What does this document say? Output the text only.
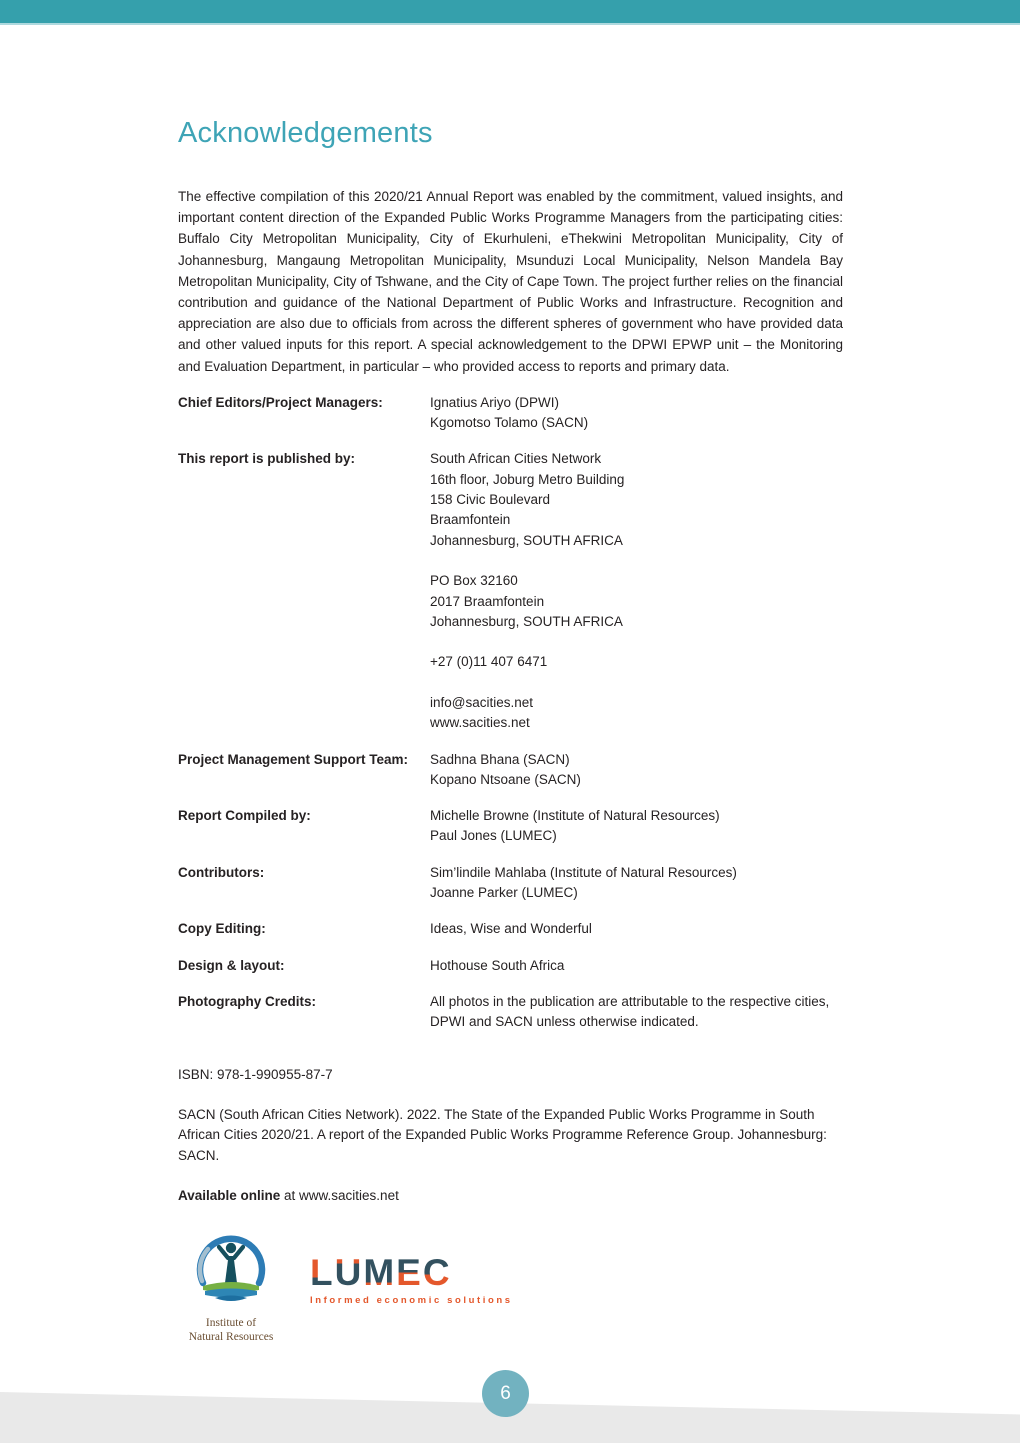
Acknowledgements
The effective compilation of this 2020/21 Annual Report was enabled by the commitment, valued insights, and important content direction of the Expanded Public Works Programme Managers from the participating cities: Buffalo City Metropolitan Municipality, City of Ekurhuleni, eThekwini Metropolitan Municipality, City of Johannesburg, Mangaung Metropolitan Municipality, Msunduzi Local Municipality, Nelson Mandela Bay Metropolitan Municipality, City of Tshwane, and the City of Cape Town. The project further relies on the financial contribution and guidance of the National Department of Public Works and Infrastructure. Recognition and appreciation are also due to officials from across the different spheres of government who have provided data and other valued inputs for this report. A special acknowledgement to the DPWI EPWP unit – the Monitoring and Evaluation Department, in particular – who provided access to reports and primary data.
Chief Editors/Project Managers:	Ignatius Ariyo (DPWI)
Kgomotso Tolamo (SACN)
This report is published by:	South African Cities Network
16th floor, Joburg Metro Building
158 Civic Boulevard
Braamfontein
Johannesburg, SOUTH AFRICA
PO Box 32160
2017 Braamfontein
Johannesburg, SOUTH AFRICA
+27 (0)11 407 6471
info@sacities.net
www.sacities.net
Project Management Support Team:	Sadhna Bhana (SACN)
Kopano Ntsoane (SACN)
Report Compiled by:	Michelle Browne (Institute of Natural Resources)
Paul Jones (LUMEC)
Contributors:	Sim’lindile Mahlaba (Institute of Natural Resources)
Joanne Parker (LUMEC)
Copy Editing:	Ideas, Wise and Wonderful
Design & layout:	Hothouse South Africa
Photography Credits:	All photos in the publication are attributable to the respective cities, DPWI and SACN unless otherwise indicated.
ISBN: 978-1-990955-87-7
SACN (South African Cities Network). 2022. The State of the Expanded Public Works Programme in South African Cities 2020/21. A report of the Expanded Public Works Programme Reference Group. Johannesburg: SACN.
Available online at www.sacities.net
Institute of
Natural Resources
LUMEC
Informed economic solutions
6
